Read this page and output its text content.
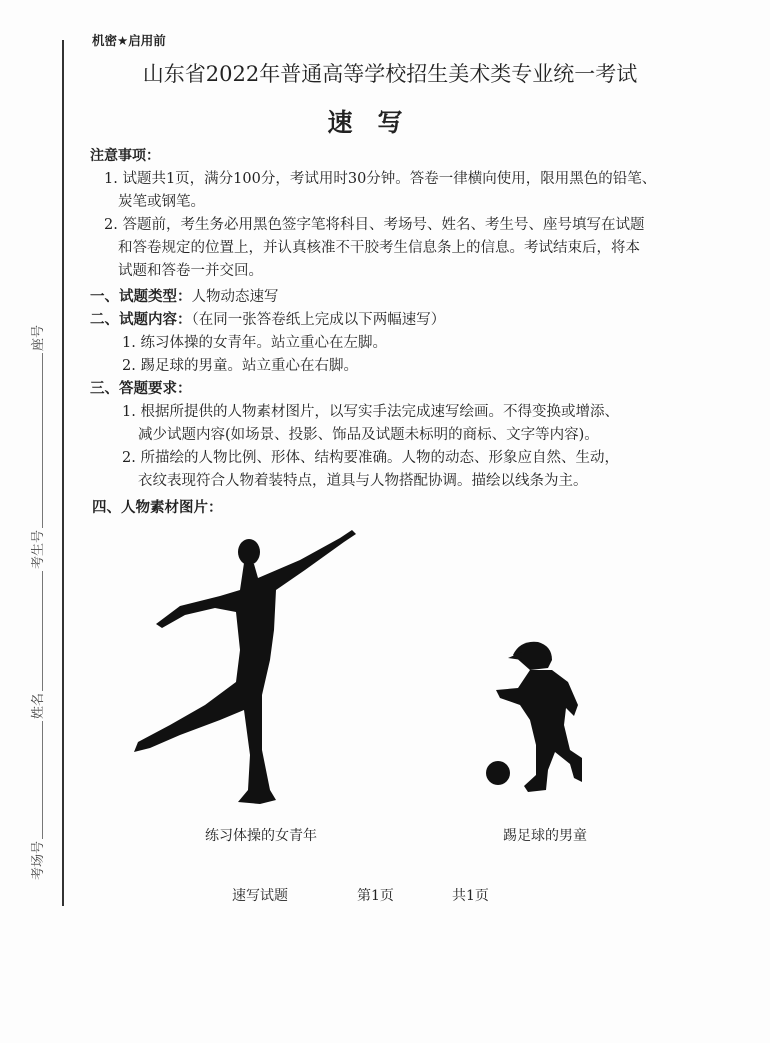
考场号
姓名
考生号
座号
机密★启用前
山东省2022年普通高等学校招生美术类专业统一考试
速　写
注意事项：
1. 试题共1页，满分100分，考试用时30分钟。答卷一律横向使用，限用黑色的铅笔、
炭笔或钢笔。
2. 答题前，考生务必用黑色签字笔将科目、考场号、姓名、考生号、座号填写在试题
和答卷规定的位置上，并认真核准不干胶考生信息条上的信息。考试结束后，将本
试题和答卷一并交回。
一、试题类型：人物动态速写
二、试题内容：（在同一张答卷纸上完成以下两幅速写）
1. 练习体操的女青年。站立重心在左脚。
2. 踢足球的男童。站立重心在右脚。
三、答题要求：
1. 根据所提供的人物素材图片，以写实手法完成速写绘画。不得变换或增添、
减少试题内容(如场景、投影、饰品及试题未标明的商标、文字等内容)。
2. 所描绘的人物比例、形体、结构要准确。人物的动态、形象应自然、生动，
衣纹表现符合人物着装特点，道具与人物搭配协调。描绘以线条为主。
四、人物素材图片：
练习体操的女青年	踢足球的男童
速写试题	第1页	共1页
